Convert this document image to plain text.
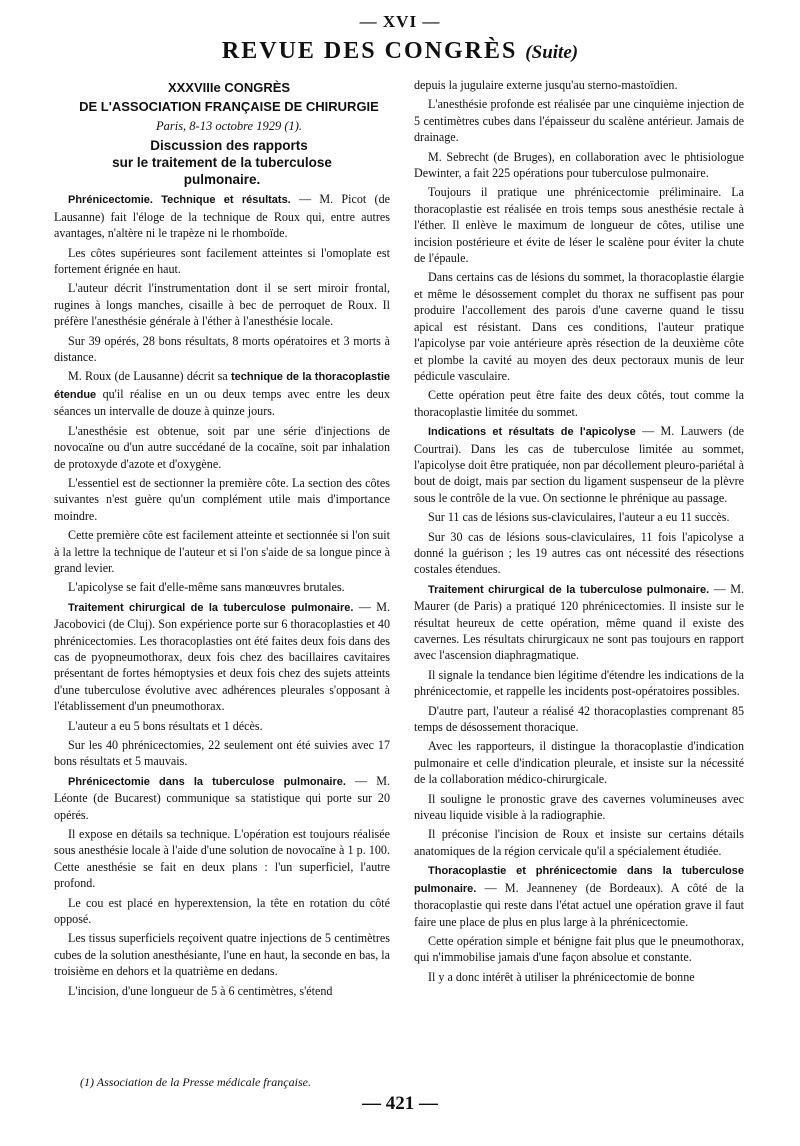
— XVI —
REVUE DES CONGRÈS (Suite)

XXXVIIIe CONGRÈS

DE L'ASSOCIATION FRANÇAISE DE CHIRURGIE

Paris, 8-13 octobre 1929 (1).

Discussion des rapports
sur le traitement de la tuberculose
pulmonaire.

Phrénicectomie. Technique et résultats. — M. Picot (de Lausanne) fait l'éloge de la technique de Roux qui, entre autres avantages, n'altère ni le trapèze ni le rhomboïde.

Les côtes supérieures sont facilement atteintes si l'omoplate est fortement érignée en haut.

L'auteur décrit l'instrumentation dont il se sert miroir frontal, rugines à longs manches, cisaille à bec de perroquet de Roux. Il préfère l'anesthésie générale à l'éther à l'anesthésie locale.

Sur 39 opérés, 28 bons résultats, 8 morts opératoires et 3 morts à distance.

M. Roux (de Lausanne) décrit sa technique de la thoracoplastie étendue qu'il réalise en un ou deux temps avec entre les deux séances un intervalle de douze à quinze jours.

L'anesthésie est obtenue, soit par une série d'injections de novocaïne ou d'un autre succédané de la cocaïne, soit par inhalation de protoxyde d'azote et d'oxygène.

L'essentiel est de sectionner la première côte. La section des côtes suivantes n'est guère qu'un complément utile mais d'importance moindre.

Cette première côte est facilement atteinte et sectionnée si l'on suit à la lettre la technique de l'auteur et si l'on s'aide de sa longue pince à grand levier.

L'apicolyse se fait d'elle-même sans manœuvres brutales.

Traitement chirurgical de la tuberculose pulmonaire. — M. Jacobovici (de Cluj). Son expérience porte sur 6 thoracoplasties et 40 phrénicectomies. Les thoracoplasties ont été faites deux fois dans des cas de pyopneumothorax, deux fois chez des bacillaires cavitaires présentant de fortes hémoptysies et deux fois chez des sujets atteints d'une tuberculose évolutive avec adhérences pleurales s'opposant à l'établissement d'un pneumothorax.

L'auteur a eu 5 bons résultats et 1 décès.

Sur les 40 phrénicectomies, 22 seulement ont été suivies avec 17 bons résultats et 5 mauvais.

Phrénicectomie dans la tuberculose pulmonaire. — M. Léonte (de Bucarest) communique sa statistique qui porte sur 20 opérés.

Il expose en détails sa technique. L'opération est toujours réalisée sous anesthésie locale à l'aide d'une solution de novocaïne à 1 p. 100. Cette anesthésie se fait en deux plans : l'un superficiel, l'autre profond.

Le cou est placé en hyperextension, la tête en rotation du côté opposé.

Les tissus superficiels reçoivent quatre injections de 5 centimètres cubes de la solution anesthésiante, l'une en haut, la seconde en bas, la troisième en dehors et la quatrième en dedans.

L'incision, d'une longueur de 5 à 6 centimètres, s'étend

depuis la jugulaire externe jusqu'au sterno-mastoïdien.

L'anesthésie profonde est réalisée par une cinquième injection de 5 centimètres cubes dans l'épaisseur du scalène antérieur. Jamais de drainage.

M. Sebrecht (de Bruges), en collaboration avec le phtisiologue Dewinter, a fait 225 opérations pour tuberculose pulmonaire.

Toujours il pratique une phrénicectomie préliminaire. La thoracoplastie est réalisée en trois temps sous anesthésie rectale à l'éther. Il enlève le maximum de longueur de côtes, utilise une incision postérieure et évite de léser le scalène pour éviter la chute de l'épaule.

Dans certains cas de lésions du sommet, la thoracoplastie élargie et même le désossement complet du thorax ne suffisent pas pour produire l'accollement des parois d'une caverne quand le tissu apical est résistant. Dans ces conditions, l'auteur pratique l'apicolyse par voie antérieure après résection de la deuxième côte et plombe la cavité au moyen des deux pectoraux munis de leur pédicule vasculaire.

Cette opération peut être faite des deux côtés, tout comme la thoracoplastie limitée du sommet.

Indications et résultats de l'apicolyse — M. Lauwers (de Courtrai). Dans les cas de tuberculose limitée au sommet, l'apicolyse doit être pratiquée, non par décollement pleuro-pariétal à bout de doigt, mais par section du ligament suspenseur de la plèvre sous le contrôle de la vue. On sectionne le phrénique au passage.

Sur 11 cas de lésions sus-claviculaires, l'auteur a eu 11 succès.

Sur 30 cas de lésions sous-claviculaires, 11 fois l'apicolyse a donné la guérison ; les 19 autres cas ont nécessité des résections costales étendues.

Traitement chirurgical de la tuberculose pulmonaire. — M. Maurer (de Paris) a pratiqué 120 phrénicectomies. Il insiste sur le résultat heureux de cette opération, même quand il existe des cavernes. Les résultats chirurgicaux ne sont pas toujours en rapport avec l'ascension diaphragmatique.

Il signale la tendance bien légitime d'étendre les indications de la phrénicectomie, et rappelle les incidents post-opératoires possibles.

D'autre part, l'auteur a réalisé 42 thoracoplasties comprenant 85 temps de désossement thoracique.

Avec les rapporteurs, il distingue la thoracoplastie d'indication pulmonaire et celle d'indication pleurale, et insiste sur la nécessité de la collaboration médico-chirurgicale.

Il souligne le pronostic grave des cavernes volumineuses avec niveau liquide visible à la radiographie.

Il préconise l'incision de Roux et insiste sur certains détails anatomiques de la région cervicale qu'il a spécialement étudiée.

Thoracoplastie et phrénicectomie dans la tuberculose pulmonaire. — M. Jeanneney (de Bordeaux). A côté de la thoracoplastie qui reste dans l'état actuel une opération grave il faut faire une place de plus en plus large à la phrénicectomie.

Cette opération simple et bénigne fait plus que le pneumothorax, qui n'immobilise jamais d'une façon absolue et constante.

Il y a donc intérêt à utiliser la phrénicectomie de bonne

(1) Association de la Presse médicale française.
— 421 —
